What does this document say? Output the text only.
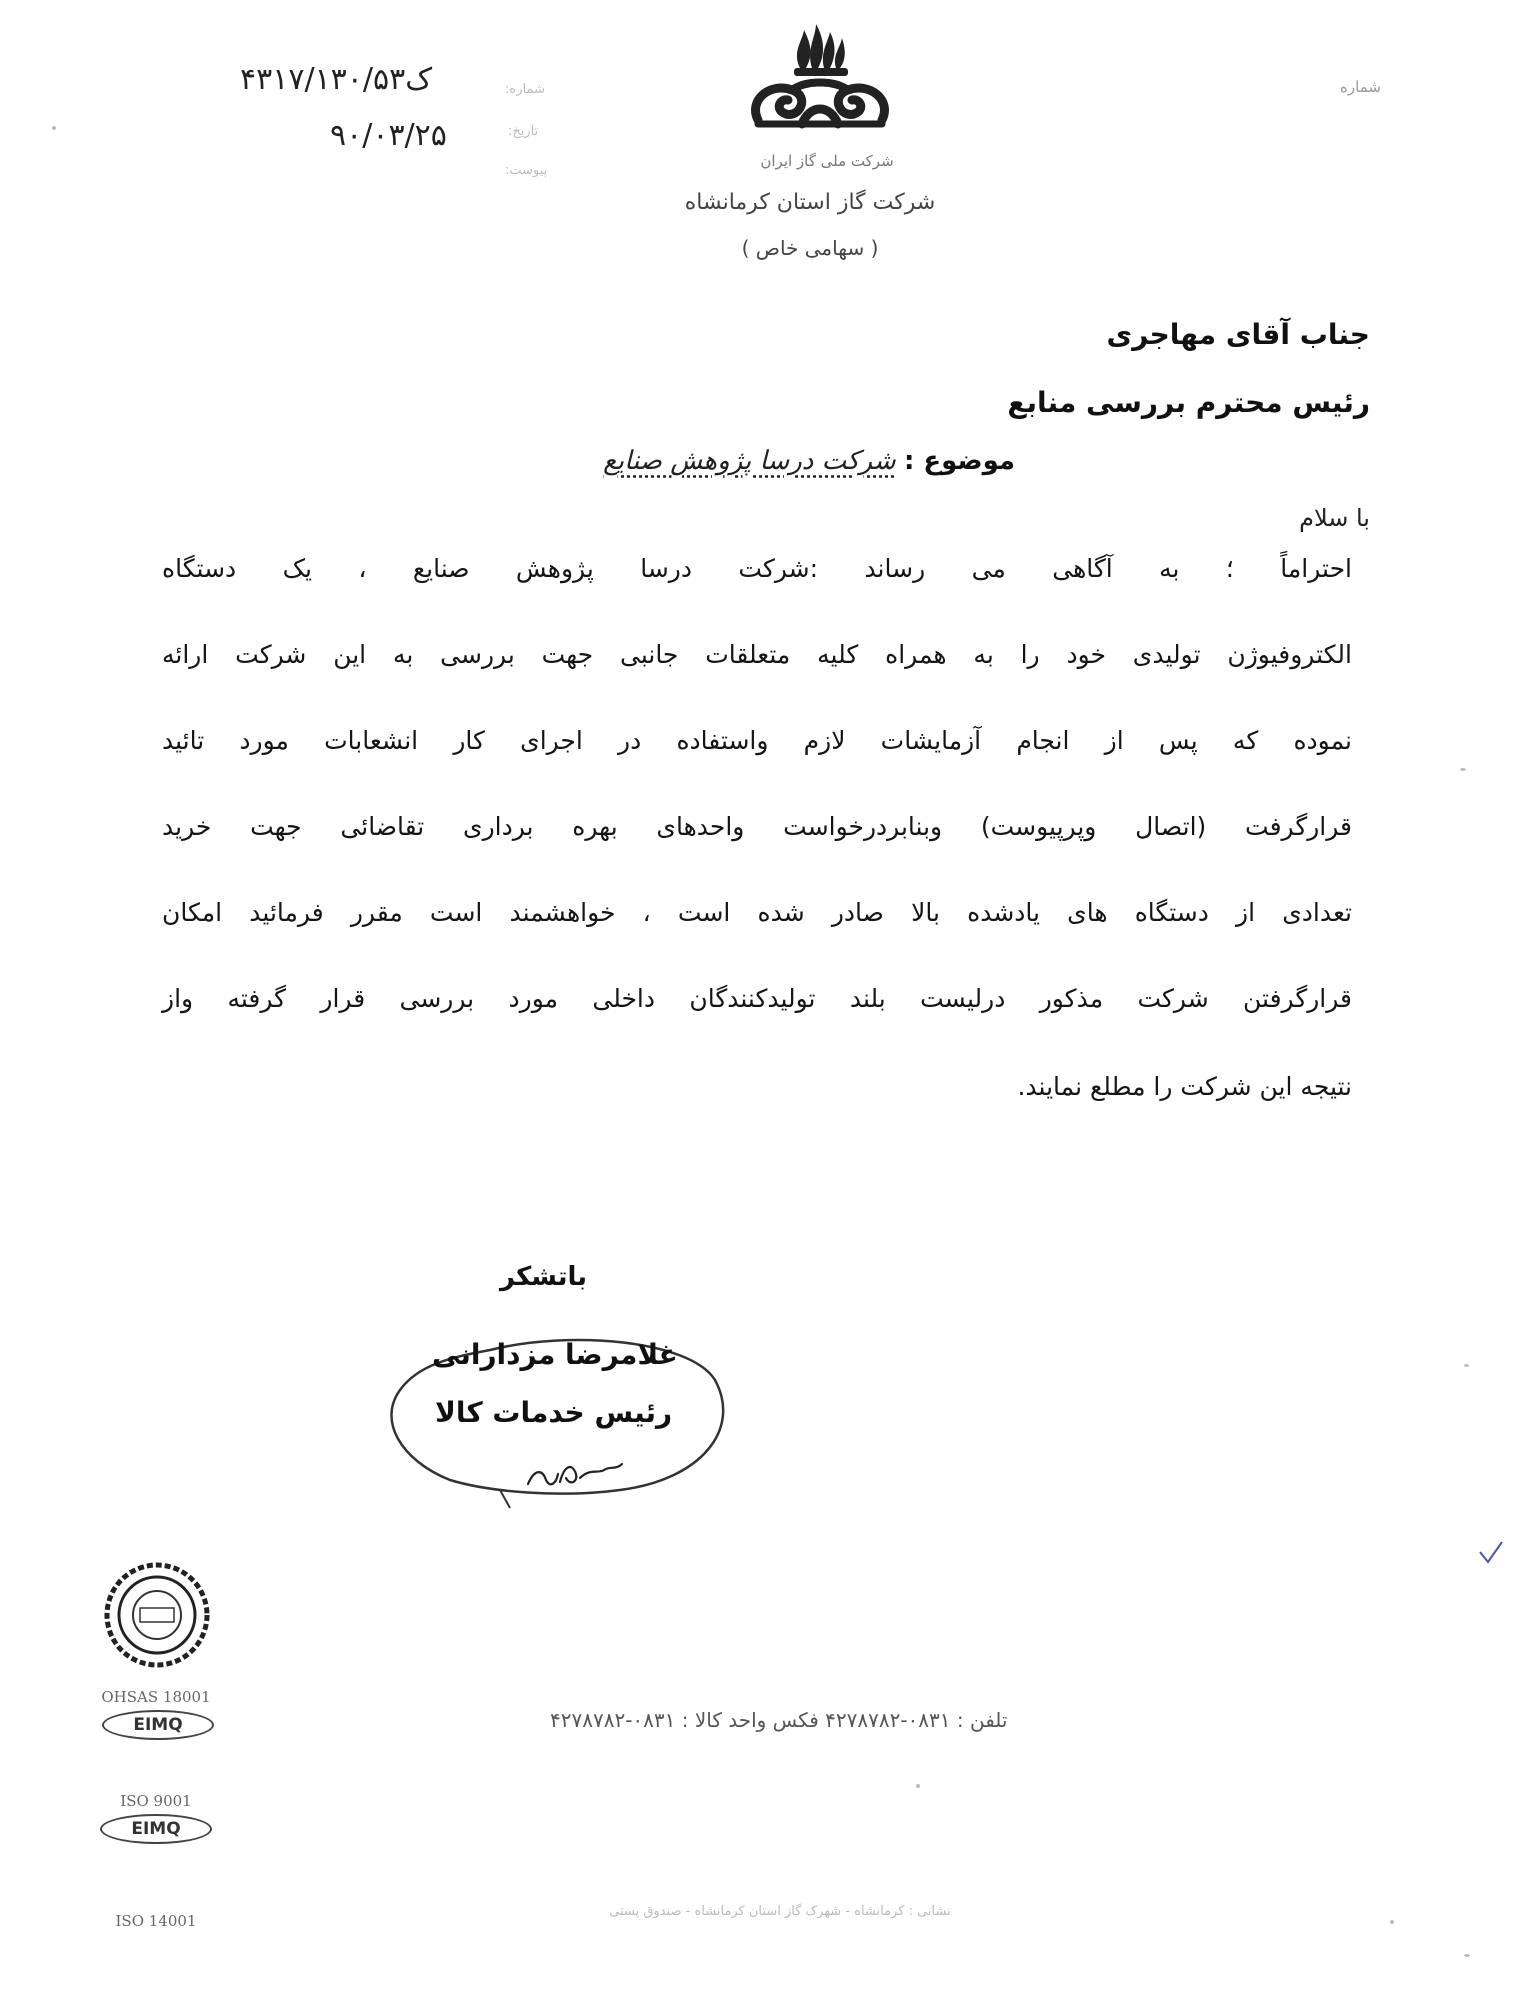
۴۳۱۷/۱۳۰/۵۳ک
۹۰/۰۳/۲۵
شماره:
تاریخ:
پیوست:
شماره
شرکت ملی گاز ایران
شرکت گاز استان کرمانشاه
( سهامی خاص )
جناب آقای مهاجری
رئیس محترم بررسی منابع
موضوع : شرکت درسا پژوهش صنایع
با سلام
احتراماً ؛ به آگاهی می رساند :شرکت درسا پژوهش صنایع ، یک دستگاه
الکتروفیوژن تولیدی خود را به همراه کلیه متعلقات جانبی جهت بررسی به این شرکت ارائه
نموده که پس از انجام آزمایشات لازم واستفاده در اجرای کار انشعابات مورد تائید
قرارگرفت (اتصال وپرپیوست) وبنابردرخواست واحدهای بهره برداری تقاضائی جهت خرید
تعدادی از دستگاه های یادشده بالا صادر شده است ، خواهشمند است مقرر فرمائید امکان
قرارگرفتن شرکت مذکور درلیست بلند تولیدکنندگان داخلی مورد بررسی قرار گرفته واز
نتیجه این شرکت را مطلع نمایند.
باتشکر
غلامرضا مزدارانی
رئیس خدمات کالا
OHSAS 18001
EIMQ
ISO 9001
EIMQ
ISO 14001
تلفن : ۰۸۳۱-۴۲۷۸۷۸۲ فکس واحد کالا : ۰۸۳۱-۴۲۷۸۷۸۲
نشانی : کرمانشاه - شهرک گاز استان کرمانشاه - صندوق پستی
